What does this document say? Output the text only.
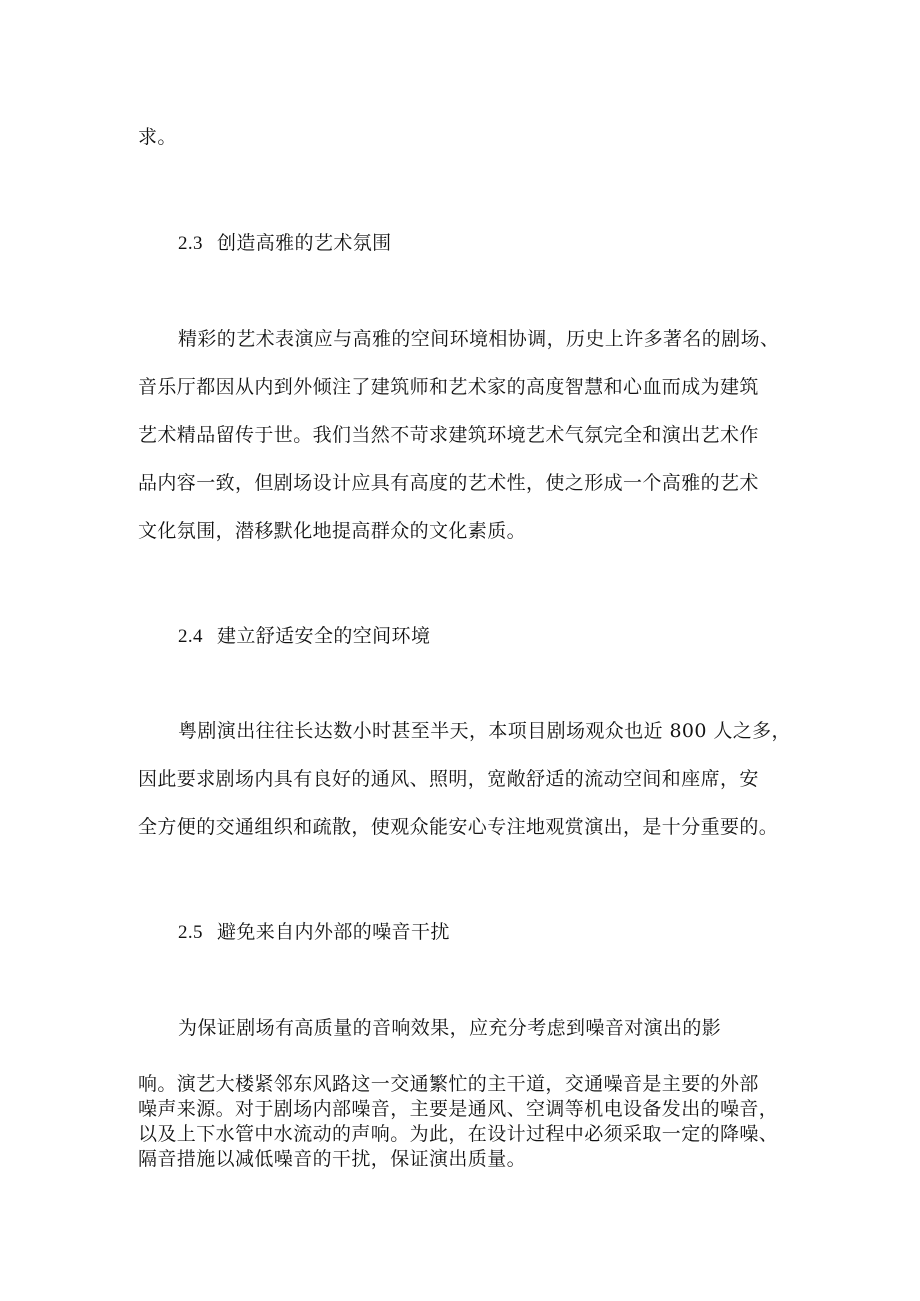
求。
2.3 创造高雅的艺术氛围
精彩的艺术表演应与高雅的空间环境相协调，历史上许多著名的剧场、
音乐厅都因从内到外倾注了建筑师和艺术家的高度智慧和心血而成为建筑
艺术精品留传于世。我们当然不苛求建筑环境艺术气氛完全和演出艺术作
品内容一致，但剧场设计应具有高度的艺术性，使之形成一个高雅的艺术
文化氛围，潜移默化地提高群众的文化素质。
2.4 建立舒适安全的空间环境
粤剧演出往往长达数小时甚至半天，本项目剧场观众也近 800 人之多，
因此要求剧场内具有良好的通风、照明，宽敞舒适的流动空间和座席，安
全方便的交通组织和疏散，使观众能安心专注地观赏演出，是十分重要的。
2.5 避免来自内外部的噪音干扰
为保证剧场有高质量的音响效果，应充分考虑到噪音对演出的影
响。演艺大楼紧邻东风路这一交通繁忙的主干道，交通噪音是主要的外部
噪声来源。对于剧场内部噪音，主要是通风、空调等机电设备发出的噪音，
以及上下水管中水流动的声响。为此，在设计过程中必须采取一定的降噪、
隔音措施以减低噪音的干扰，保证演出质量。
